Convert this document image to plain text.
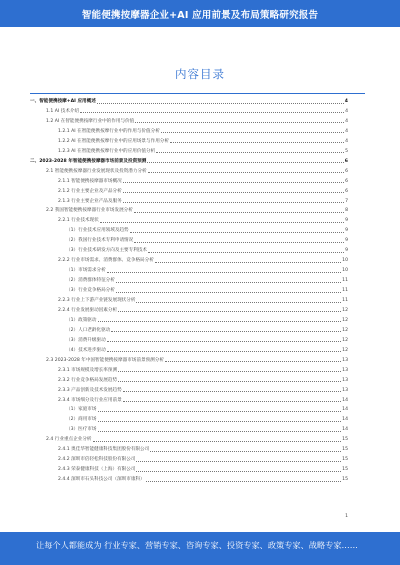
智能便携按摩器企业+AI 应用前景及布局策略研究报告
内容目录
一、智能便携按摩+AI 应用概述	4
1.1 AI 技术介绍	4
1.2 AI 在智能便携按摩行业中的作用与价值	4
1.2.1 AI 在智能便携按摩行业中的作用与价值分析	4
1.2.2 AI 在智能便携按摩行业中的应用场景与作用分析	4
1.2.3 AI 在智能便携按摩行业中的应用价值分析	5
二、2023-2028 年智能便携按摩器市场前景及投资预测	6
2.1 智能便携按摩器行业发展现状及投资潜力分析	6
2.1.1 智能便携按摩器市场概况	6
2.1.2 行业主要企业及产品分析	6
2.1.3 行业主要企业产品及服务	7
2.2 我国智能便携按摩器行业市场发展分析	8
2.2.1 行业技术现状	9
（1）行业技术应用领域及趋势	9
（2）我国行业技术专利申请情况	9
（3）行业技术研发方向及主要专利技术	9
2.2.2 行业市场需求、消费群体、竞争格局分析	10
（1）市场需求分析	10
（2）消费群体特征分析	11
（3）行业竞争格局分析	11
2.2.3 行业上下游产业链发展现状分析	11
2.2.4 行业发展驱动因素分析	12
（1）政策驱动	12
（2）人口老龄化驱动	12
（3）消费升级驱动	12
（4）技术进步驱动	12
2.3 2023-2028 年中国智能便携按摩器市场前景预测分析	13
2.3.1 市场规模及增长率预测	13
2.3.2 行业竞争格局发展趋势	13
2.3.3 产品创新及技术发展趋势	13
2.3.4 市场细分及行业应用前景	14
（1）家庭市场	14
（2）商用市场	14
（3）医疗市场	14
2.4 行业重点企业分析	15
2.4.1 奥佳华智能健康科技集团股份有限公司	15
2.4.2 深圳市倍轻松科技股份有限公司	15
2.4.3 荣泰健康科技（上海）有限公司	15
2.4.4 深圳市石头科技公司（深圳市康科）	15
1
让每个人都能成为 行业专家、营销专家、咨询专家、投资专家、政策专家、战略专家……
